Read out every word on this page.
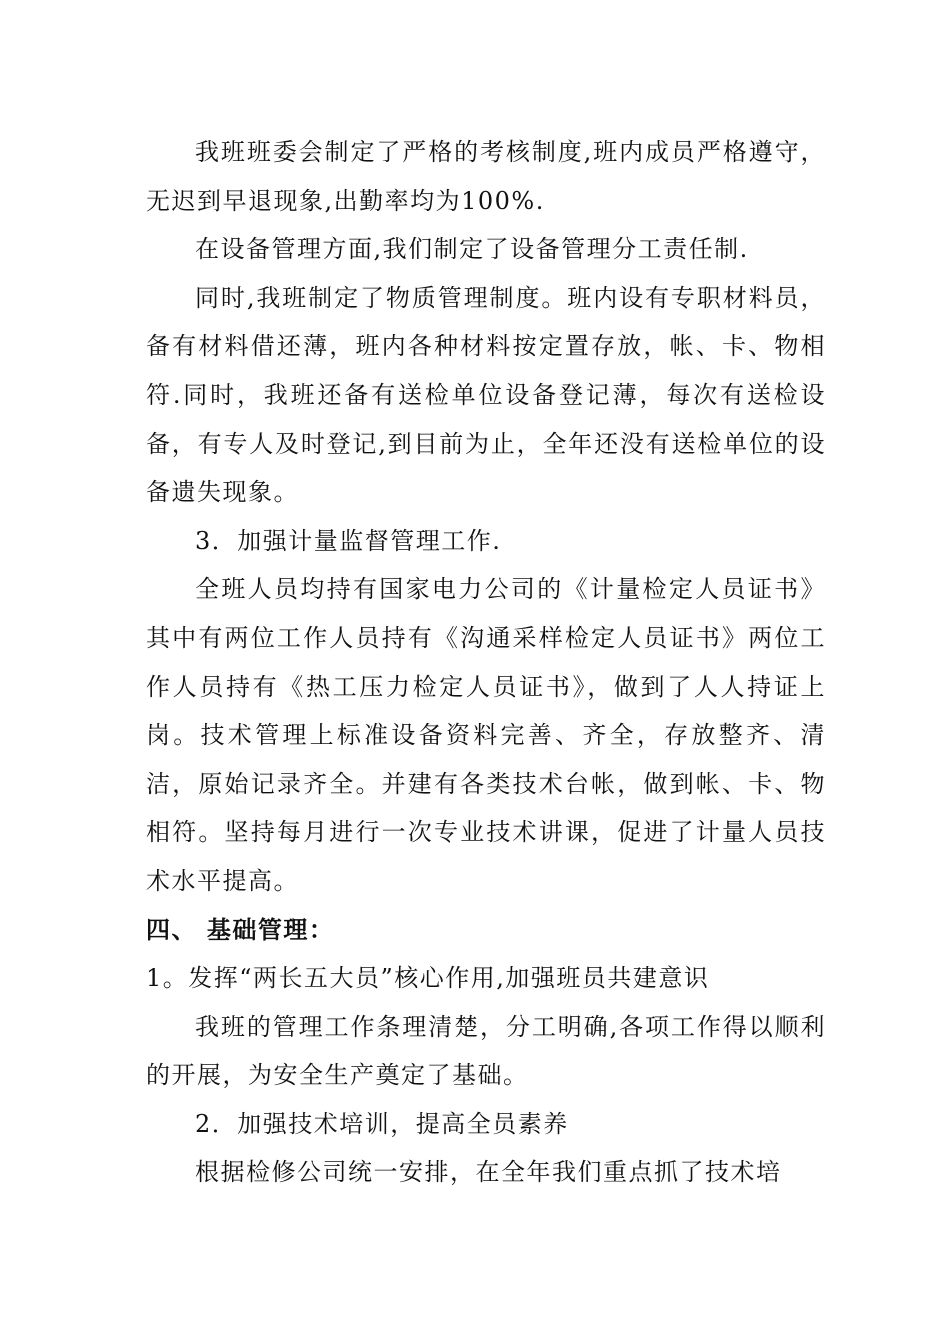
我班班委会制定了严格的考核制度,班内成员严格遵守，无迟到早退现象,出勤率均为100%.

在设备管理方面,我们制定了设备管理分工责任制.

同时,我班制定了物质管理制度。班内设有专职材料员，备有材料借还薄，班内各种材料按定置存放，帐、卡、物相符.同时，我班还备有送检单位设备登记薄，每次有送检设备，有专人及时登记,到目前为止，全年还没有送检单位的设备遗失现象。

3．加强计量监督管理工作.

全班人员均持有国家电力公司的《计量检定人员证书》其中有两位工作人员持有《沟通采样检定人员证书》两位工作人员持有《热工压力检定人员证书》，做到了人人持证上岗。技术管理上标准设备资料完善、齐全，存放整齐、清洁，原始记录齐全。并建有各类技术台帐，做到帐、卡、物相符。坚持每月进行一次专业技术讲课，促进了计量人员技术水平提高。

四、 基础管理：

1。发挥“两长五大员”核心作用,加强班员共建意识

我班的管理工作条理清楚，分工明确,各项工作得以顺利的开展，为安全生产奠定了基础。

2．加强技术培训，提高全员素养

根据检修公司统一安排，在全年我们重点抓了技术培
